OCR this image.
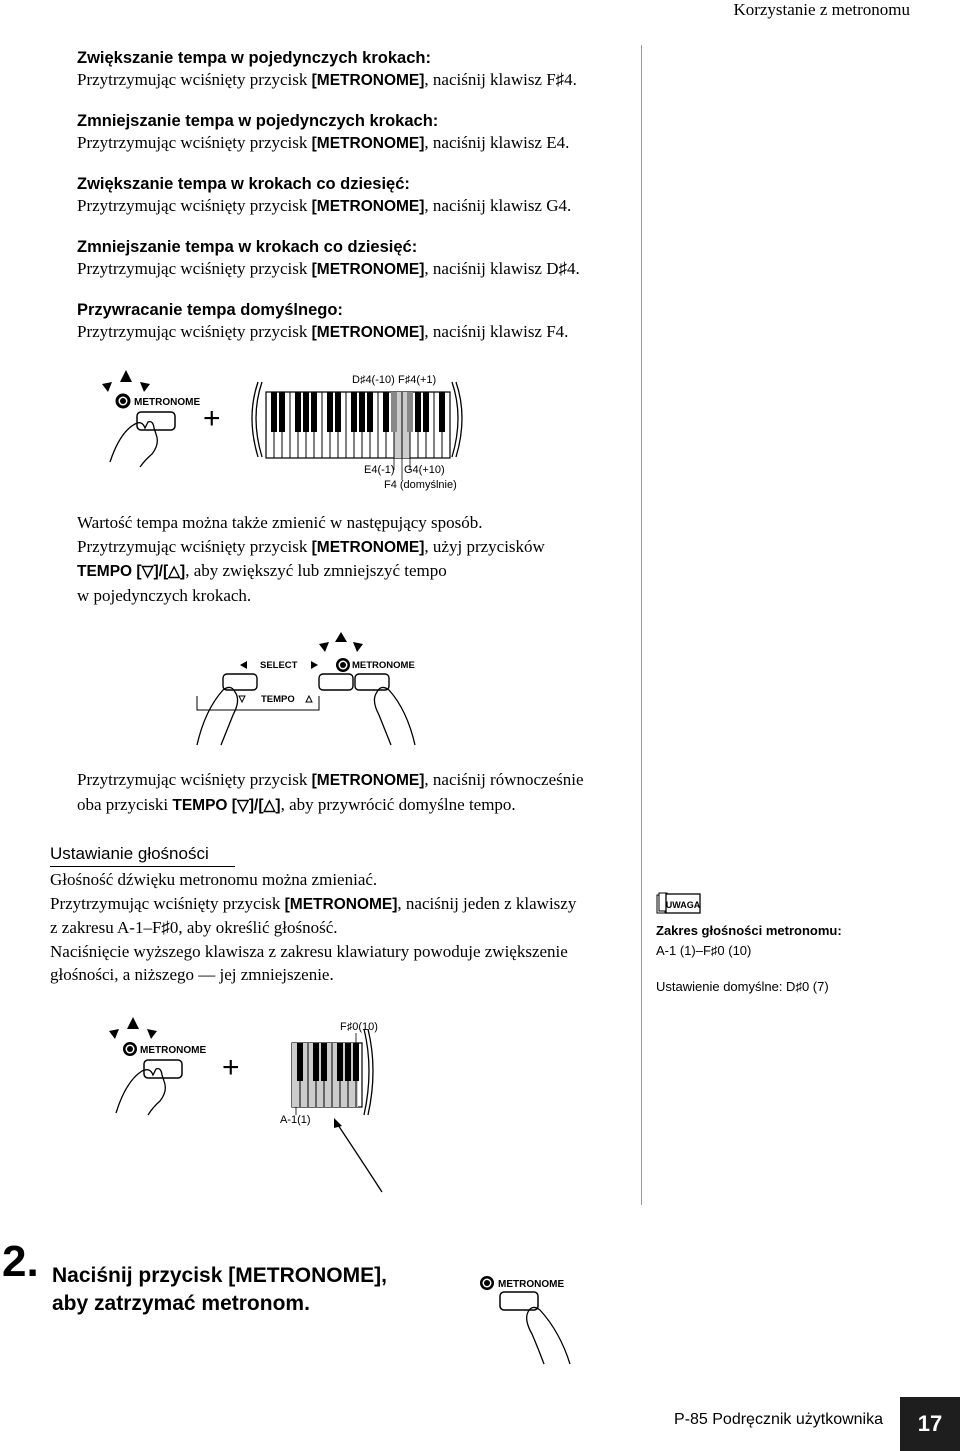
Korzystanie z metronomu
Zwiększanie tempa w pojedynczych krokach:
Przytrzymując wciśnięty przycisk [METRONOME], naciśnij klawisz F♯4.
Zmniejszanie tempa w pojedynczych krokach:
Przytrzymując wciśnięty przycisk [METRONOME], naciśnij klawisz E4.
Zwiększanie tempa w krokach co dziesięć:
Przytrzymując wciśnięty przycisk [METRONOME], naciśnij klawisz G4.
Zmniejszanie tempa w krokach co dziesięć:
Przytrzymując wciśnięty przycisk [METRONOME], naciśnij klawisz D♯4.
Przywracanie tempa domyślnego:
Przytrzymując wciśnięty przycisk [METRONOME], naciśnij klawisz F4.
METRONOME +
D♯4(-10) F♯4(+1)
E4(-1) G4(+10)
F4 (domyślnie)
Wartość tempa można także zmienić w następujący sposób.
Przytrzymując wciśnięty przycisk [METRONOME], użyj przycisków
TEMPO [▽]/[△], aby zwiększyć lub zmniejszyć tempo
w pojedynczych krokach.
SELECT	METRONOME
TEMPO
Przytrzymując wciśnięty przycisk [METRONOME], naciśnij równocześnie
oba przyciski TEMPO [▽]/[△], aby przywrócić domyślne tempo.
Ustawianie głośności
Głośność dźwięku metronomu można zmieniać.
Przytrzymując wciśnięty przycisk [METRONOME], naciśnij jeden z klawiszy
z zakresu A-1–F♯0, aby określić głośność.
Naciśnięcie wyższego klawisza z zakresu klawiatury powoduje zwiększenie
głośności, a niższego — jej zmniejszenie.
UWAGA
Zakres głośności metronomu:
A-1 (1)–F♯0 (10)
Ustawienie domyślne: D♯0 (7)
METRONOME
+
F♯0(10)
A-1(1)
2. Naciśnij przycisk [METRONOME],
aby zatrzymać metronom.
METRONOME
P-85 Podręcznik użytkownika	17
